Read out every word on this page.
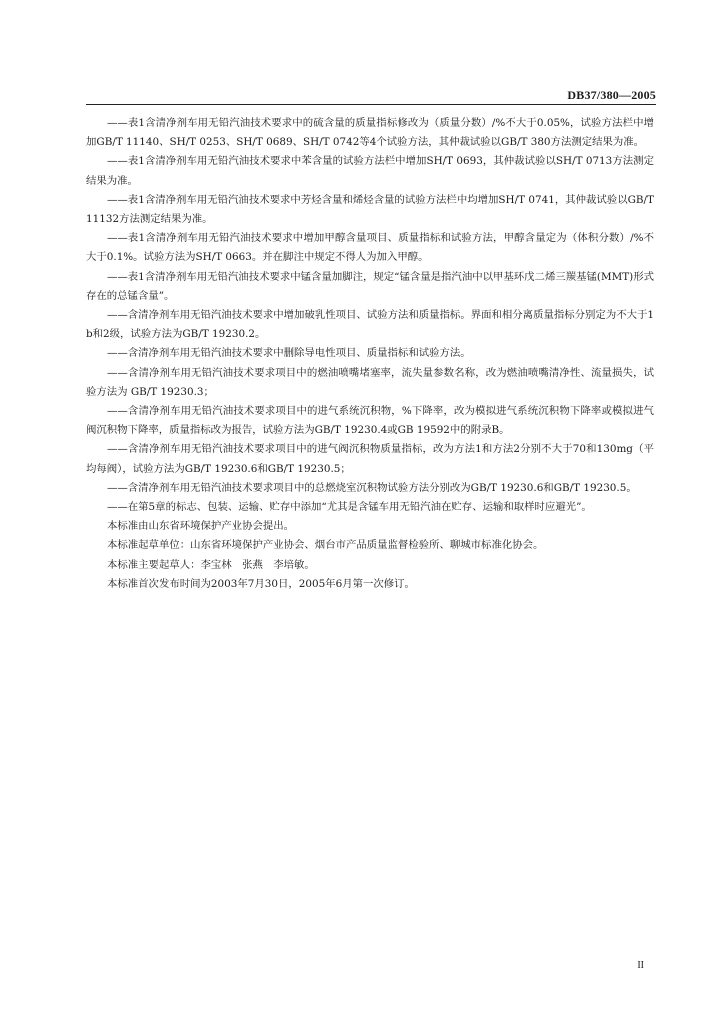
DB37/380—2005

——表1含清净剂车用无铅汽油技术要求中的硫含量的质量指标修改为（质量分数）/%不大于0.05%，试验方法栏中增加GB/T 11140、SH/T 0253、SH/T 0689、SH/T 0742等4个试验方法，其仲裁试验以GB/T 380方法测定结果为准。

——表1含清净剂车用无铅汽油技术要求中苯含量的试验方法栏中增加SH/T 0693，其仲裁试验以SH/T 0713方法测定结果为准。

——表1含清净剂车用无铅汽油技术要求中芳烃含量和烯烃含量的试验方法栏中均增加SH/T 0741，其仲裁试验以GB/T 11132方法测定结果为准。

——表1含清净剂车用无铅汽油技术要求中增加甲醇含量项目、质量指标和试验方法，甲醇含量定为（体积分数）/%不大于0.1%。试验方法为SH/T 0663。并在脚注中规定不得人为加入甲醇。

——表1含清净剂车用无铅汽油技术要求中锰含量加脚注，规定“锰含量是指汽油中以甲基环戊二烯三羰基锰(MMT)形式存在的总锰含量”。

——含清净剂车用无铅汽油技术要求中增加破乳性项目、试验方法和质量指标。界面和相分离质量指标分别定为不大于1b和2级，试验方法为GB/T 19230.2。

——含清净剂车用无铅汽油技术要求中删除导电性项目、质量指标和试验方法。

——含清净剂车用无铅汽油技术要求项目中的燃油喷嘴堵塞率，流失量参数名称，改为燃油喷嘴清净性、流量损失，试验方法为 GB/T 19230.3；

——含清净剂车用无铅汽油技术要求项目中的进气系统沉积物，%下降率，改为模拟进气系统沉积物下降率或模拟进气阀沉积物下降率，质量指标改为报告，试验方法为GB/T 19230.4或GB 19592中的附录B。

——含清净剂车用无铅汽油技术要求项目中的进气阀沉积物质量指标，改为方法1和方法2分别不大于70和130mg（平均每阀），试验方法为GB/T 19230.6和GB/T 19230.5；

——含清净剂车用无铅汽油技术要求项目中的总燃烧室沉积物试验方法分别改为GB/T 19230.6和GB/T 19230.5。

——在第5章的标志、包装、运输、贮存中添加“尤其是含锰车用无铅汽油在贮存、运输和取样时应避光”。

本标准由山东省环境保护产业协会提出。

本标准起草单位：山东省环境保护产业协会、烟台市产品质量监督检验所、聊城市标准化协会。

本标准主要起草人：李宝林　张燕　李培敏。

本标准首次发布时间为2003年7月30日，2005年6月第一次修订。

II
